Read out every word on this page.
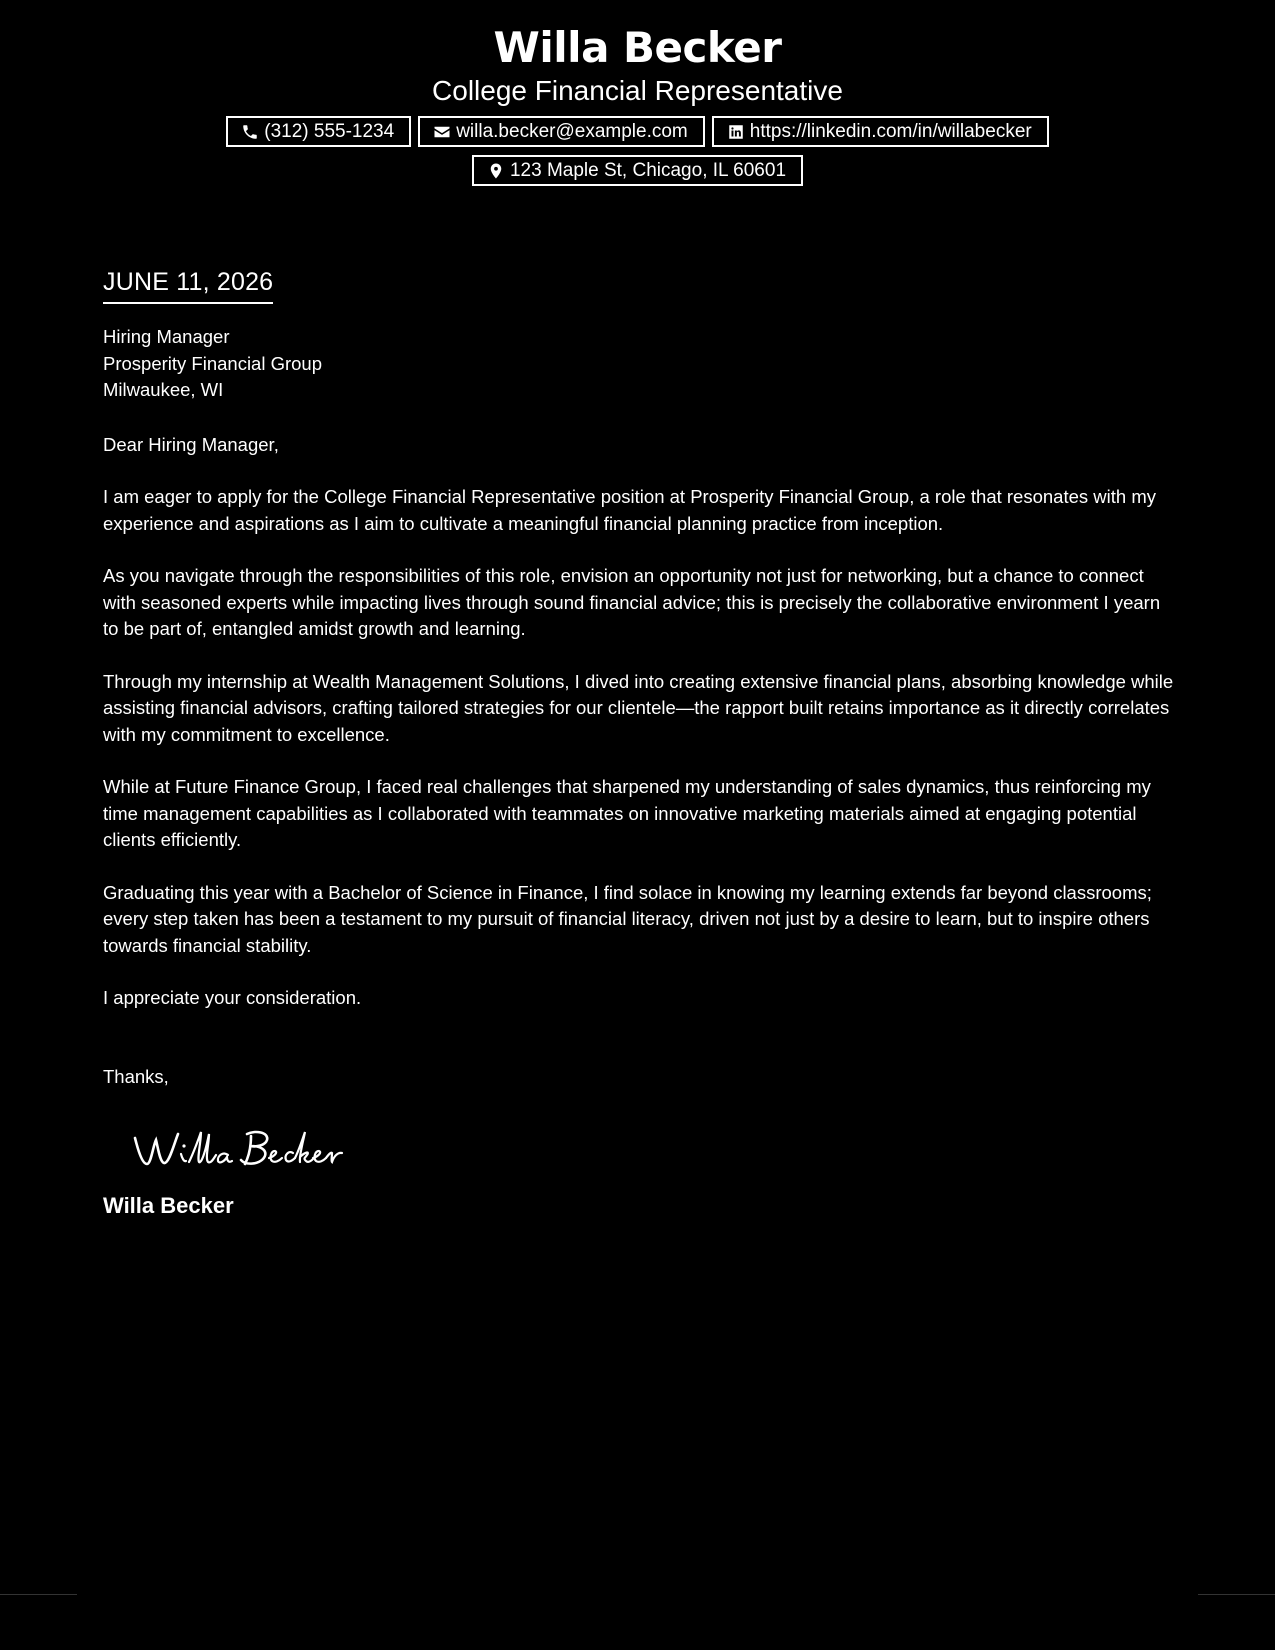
Willa Becker
College Financial Representative
(312) 555-1234	willa.becker@example.com	https://linkedin.com/in/willabecker
123 Maple St, Chicago, IL 60601
JUNE 11, 2026
Hiring Manager
Prosperity Financial Group
Milwaukee, WI

Dear Hiring Manager,

I am eager to apply for the College Financial Representative position at Prosperity Financial Group, a role that resonates with my experience and aspirations as I aim to cultivate a meaningful financial planning practice from inception.

As you navigate through the responsibilities of this role, envision an opportunity not just for networking, but a chance to connect with seasoned experts while impacting lives through sound financial advice; this is precisely the collaborative environment I yearn to be part of, entangled amidst growth and learning.

Through my internship at Wealth Management Solutions, I dived into creating extensive financial plans, absorbing knowledge while assisting financial advisors, crafting tailored strategies for our clientele—the rapport built retains importance as it directly correlates with my commitment to excellence.

While at Future Finance Group, I faced real challenges that sharpened my understanding of sales dynamics, thus reinforcing my time management capabilities as I collaborated with teammates on innovative marketing materials aimed at engaging potential clients efficiently.

Graduating this year with a Bachelor of Science in Finance, I find solace in knowing my learning extends far beyond classrooms; every step taken has been a testament to my pursuit of financial literacy, driven not just by a desire to learn, but to inspire others towards financial stability.

I appreciate your consideration.

Thanks,

Willa Becker
